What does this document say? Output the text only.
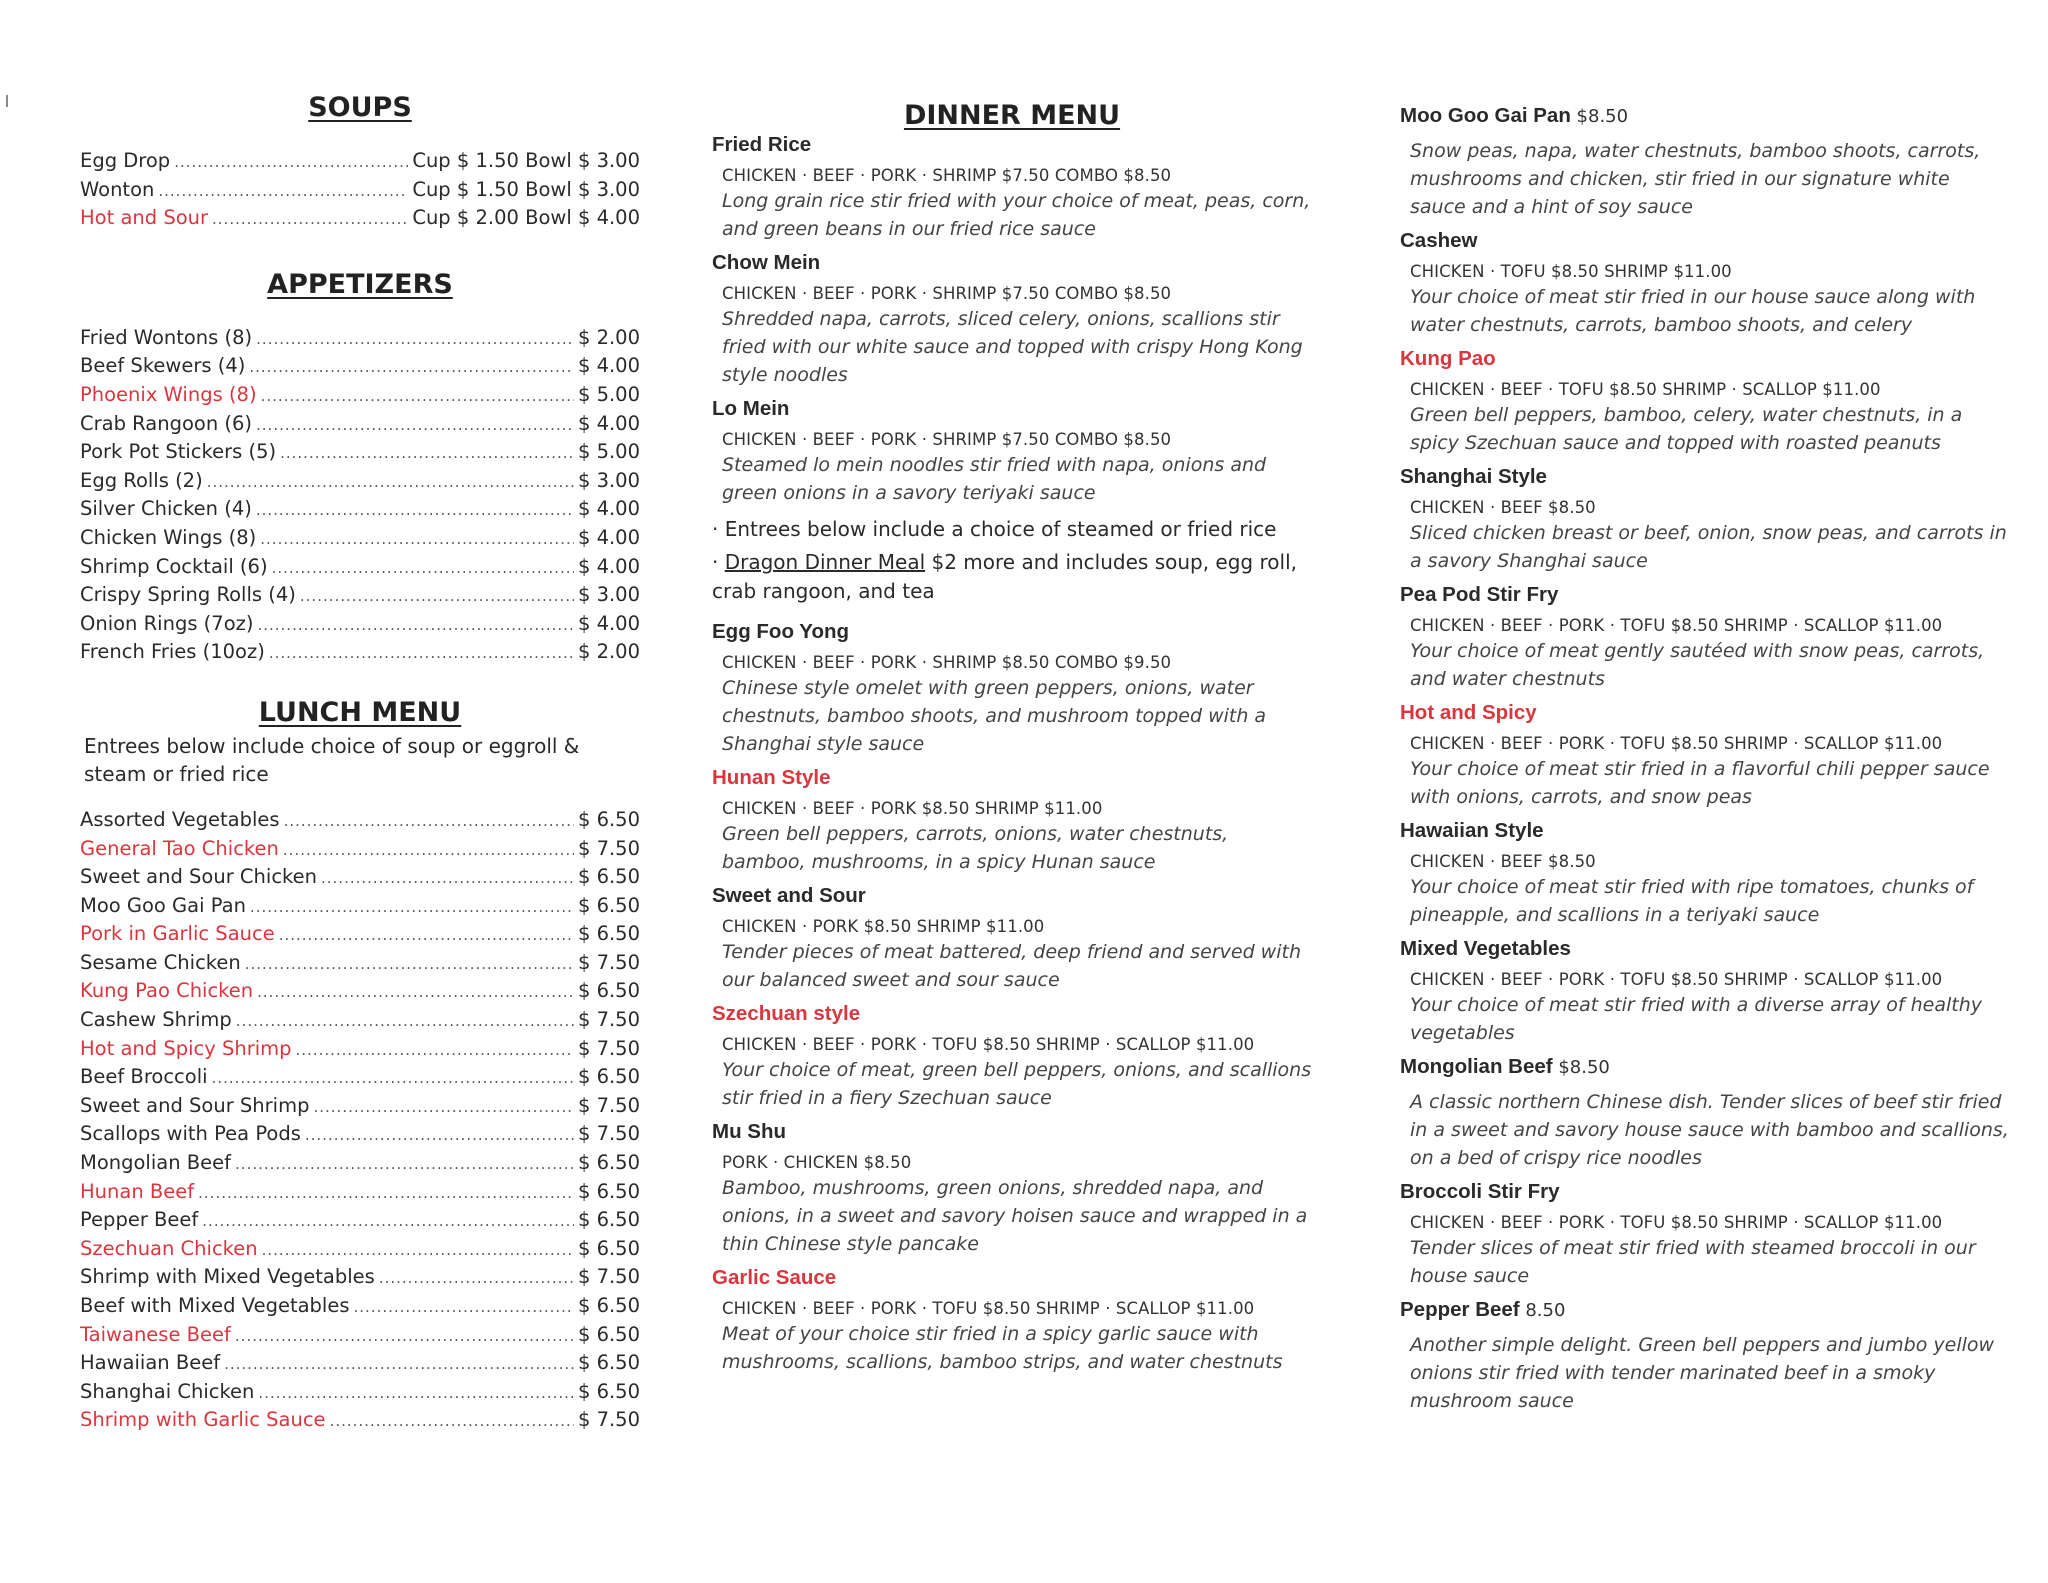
SOUPS
Egg Drop .....	Cup $ 1.50 Bowl $ 3.00
Wonton .....	Cup $ 1.50 Bowl $ 3.00
Hot and Sour .....	Cup $ 2.00 Bowl $ 4.00
APPETIZERS
Fried Wontons (8) .....	$ 2.00
Beef Skewers (4) .....	$ 4.00
Phoenix Wings (8) .....	$ 5.00
Crab Rangoon (6) .....	$ 4.00
Pork Pot Stickers (5) .....	$ 5.00
Egg Rolls (2) .....	$ 3.00
Silver Chicken (4) .....	$ 4.00
Chicken Wings (8) .....	$ 4.00
Shrimp Cocktail (6) .....	$ 4.00
Crispy Spring Rolls (4) .....	$ 3.00
Onion Rings (7oz) .....	$ 4.00
French Fries (10oz) .....	$ 2.00
LUNCH MENU
Entrees below include choice of soup or eggroll & steam or fried rice
Assorted Vegetables .....	$ 6.50
General Tao Chicken .....	$ 7.50
Sweet and Sour Chicken .....	$ 6.50
Moo Goo Gai Pan .....	$ 6.50
Pork in Garlic Sauce .....	$ 6.50
Sesame Chicken .....	$ 7.50
Kung Pao Chicken .....	$ 6.50
Cashew Shrimp .....	$ 7.50
Hot and Spicy Shrimp .....	$ 7.50
Beef Broccoli .....	$ 6.50
Sweet and Sour Shrimp .....	$ 7.50
Scallops with Pea Pods .....	$ 7.50
Mongolian Beef .....	$ 6.50
Hunan Beef .....	$ 6.50
Pepper Beef .....	$ 6.50
Szechuan Chicken .....	$ 6.50
Shrimp with Mixed Vegetables .....	$ 7.50
Beef with Mixed Vegetables .....	$ 6.50
Taiwanese Beef .....	$ 6.50
Hawaiian Beef .....	$ 6.50
Shanghai Chicken .....	$ 6.50
Shrimp with Garlic Sauce .....	$ 7.50
DINNER MENU
Fried Rice
CHICKEN · BEEF · PORK · SHRIMP $7.50 COMBO $8.50
Long grain rice stir fried with your choice of meat, peas, corn, and green beans in our fried rice sauce
Chow Mein
CHICKEN · BEEF · PORK · SHRIMP $7.50 COMBO $8.50
Shredded napa, carrots, sliced celery, onions, scallions stir fried with our white sauce and topped with crispy Hong Kong style noodles
Lo Mein
CHICKEN · BEEF · PORK · SHRIMP $7.50 COMBO $8.50
Steamed lo mein noodles stir fried with napa, onions and green onions in a savory teriyaki sauce
· Entrees below include a choice of steamed or fried rice
· Dragon Dinner Meal $2 more and includes soup, egg roll, crab rangoon, and tea
Egg Foo Yong
CHICKEN · BEEF · PORK · SHRIMP $8.50 COMBO $9.50
Chinese style omelet with green peppers, onions, water chestnuts, bamboo shoots, and mushroom topped with a Shanghai style sauce
Hunan Style
CHICKEN · BEEF · PORK $8.50 SHRIMP $11.00
Green bell peppers, carrots, onions, water chestnuts, bamboo, mushrooms, in a spicy Hunan sauce
Sweet and Sour
CHICKEN · PORK $8.50 SHRIMP $11.00
Tender pieces of meat battered, deep friend and served with our balanced sweet and sour sauce
Szechuan style
CHICKEN · BEEF · PORK · TOFU $8.50 SHRIMP · SCALLOP $11.00
Your choice of meat, green bell peppers, onions, and scallions stir fried in a fiery Szechuan sauce
Mu Shu
PORK · CHICKEN $8.50
Bamboo, mushrooms, green onions, shredded napa, and onions, in a sweet and savory hoisen sauce and wrapped in a thin Chinese style pancake
Garlic Sauce
CHICKEN · BEEF · PORK · TOFU $8.50 SHRIMP · SCALLOP $11.00
Meat of your choice stir fried in a spicy garlic sauce with mushrooms, scallions, bamboo strips, and water chestnuts
Moo Goo Gai Pan $8.50
Snow peas, napa, water chestnuts, bamboo shoots, carrots, mushrooms and chicken, stir fried in our signature white sauce and a hint of soy sauce
Cashew
CHICKEN · TOFU $8.50 SHRIMP $11.00
Your choice of meat stir fried in our house sauce along with water chestnuts, carrots, bamboo shoots, and celery
Kung Pao
CHICKEN · BEEF · TOFU $8.50 SHRIMP · SCALLOP $11.00
Green bell peppers, bamboo, celery, water chestnuts, in a spicy Szechuan sauce and topped with roasted peanuts
Shanghai Style
CHICKEN · BEEF $8.50
Sliced chicken breast or beef, onion, snow peas, and carrots in a savory Shanghai sauce
Pea Pod Stir Fry
CHICKEN · BEEF · PORK · TOFU $8.50 SHRIMP · SCALLOP $11.00
Your choice of meat gently sautéed with snow peas, carrots, and water chestnuts
Hot and Spicy
CHICKEN · BEEF · PORK · TOFU $8.50 SHRIMP · SCALLOP $11.00
Your choice of meat stir fried in a flavorful chili pepper sauce with onions, carrots, and snow peas
Hawaiian Style
CHICKEN · BEEF $8.50
Your choice of meat stir fried with ripe tomatoes, chunks of pineapple, and scallions in a teriyaki sauce
Mixed Vegetables
CHICKEN · BEEF · PORK · TOFU $8.50 SHRIMP · SCALLOP $11.00
Your choice of meat stir fried with a diverse array of healthy vegetables
Mongolian Beef $8.50
A classic northern Chinese dish. Tender slices of beef stir fried in a sweet and savory house sauce with bamboo and scallions, on a bed of crispy rice noodles
Broccoli Stir Fry
CHICKEN · BEEF · PORK · TOFU $8.50 SHRIMP · SCALLOP $11.00
Tender slices of meat stir fried with steamed broccoli in our house sauce
Pepper Beef 8.50
Another simple delight. Green bell peppers and jumbo yellow onions stir fried with tender marinated beef in a smoky mushroom sauce
